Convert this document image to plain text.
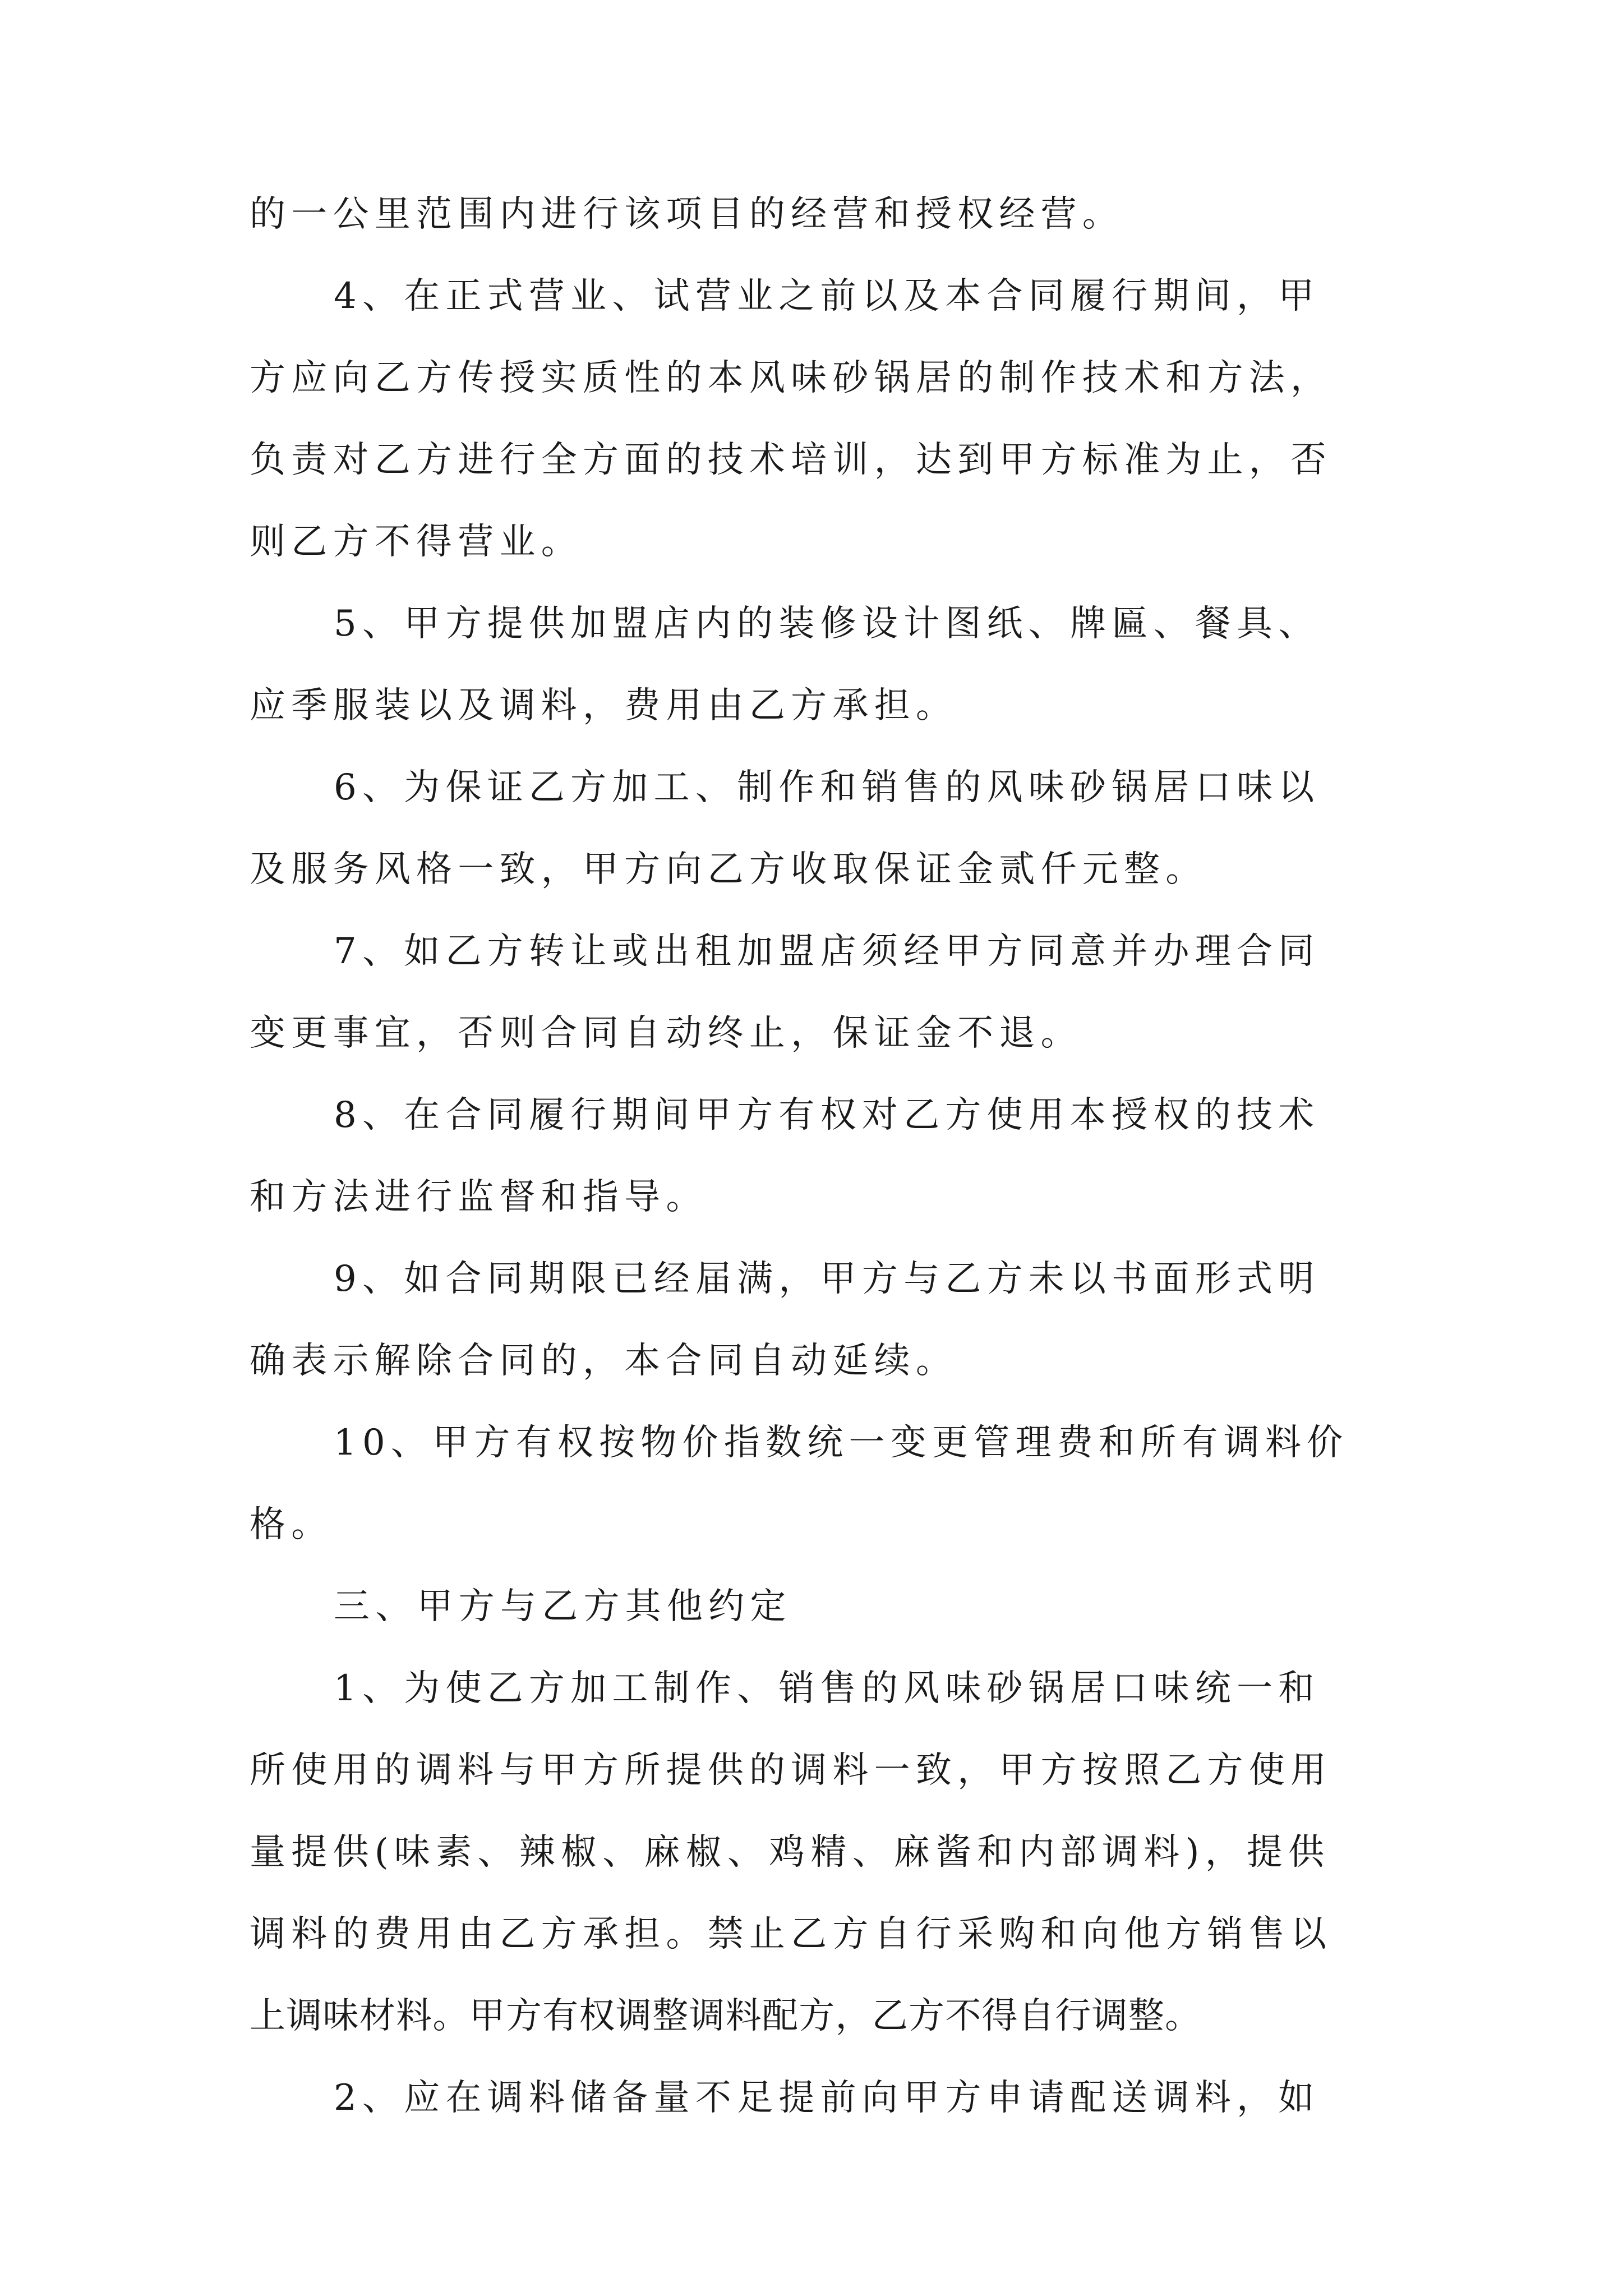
的一公里范围内进行该项目的经营和授权经营。
4、在正式营业、试营业之前以及本合同履行期间，甲
方应向乙方传授实质性的本风味砂锅居的制作技术和方法，
负责对乙方进行全方面的技术培训，达到甲方标准为止，否
则乙方不得营业。
5、甲方提供加盟店内的装修设计图纸、牌匾、餐具、
应季服装以及调料，费用由乙方承担。
6、为保证乙方加工、制作和销售的风味砂锅居口味以
及服务风格一致，甲方向乙方收取保证金贰仟元整。
7、如乙方转让或出租加盟店须经甲方同意并办理合同
变更事宜，否则合同自动终止，保证金不退。
8、在合同履行期间甲方有权对乙方使用本授权的技术
和方法进行监督和指导。
9、如合同期限已经届满，甲方与乙方未以书面形式明
确表示解除合同的，本合同自动延续。
10、甲方有权按物价指数统一变更管理费和所有调料价
格。
三、甲方与乙方其他约定
1、为使乙方加工制作、销售的风味砂锅居口味统一和
所使用的调料与甲方所提供的调料一致，甲方按照乙方使用
量提供(味素、辣椒、麻椒、鸡精、麻酱和内部调料)，提供
调料的费用由乙方承担。禁止乙方自行采购和向他方销售以
上调味材料。甲方有权调整调料配方，乙方不得自行调整。
2、应在调料储备量不足提前向甲方申请配送调料，如
